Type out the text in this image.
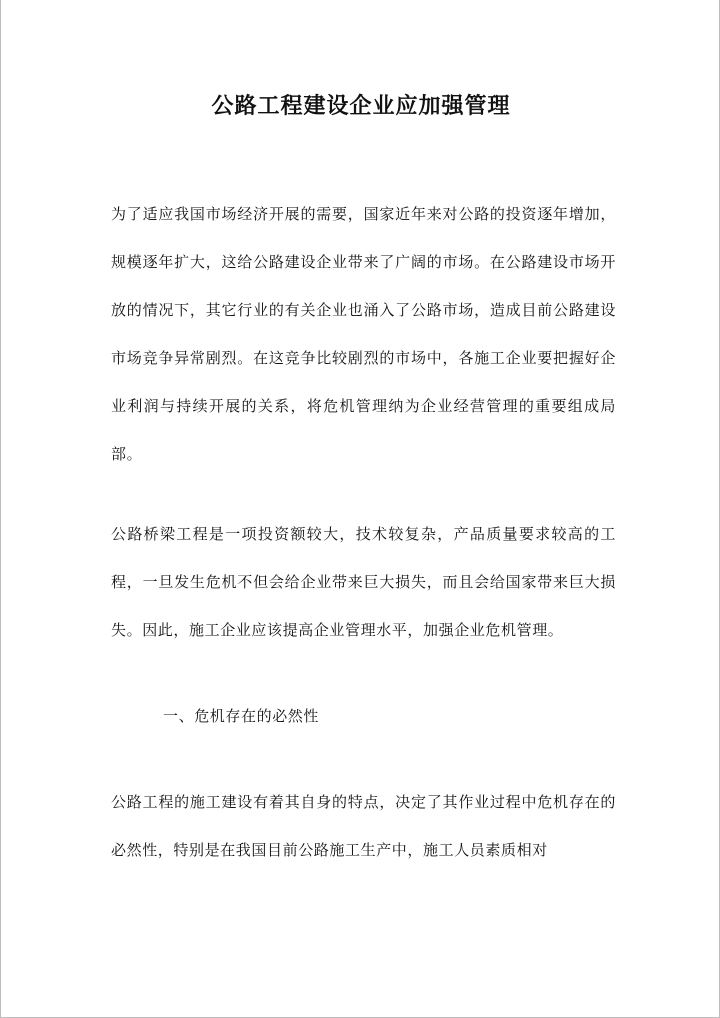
公路工程建设企业应加强管理

为了适应我国市场经济开展的需要，国家近年来对公路的投资逐年增加，规模逐年扩大，这给公路建设企业带来了广阔的市场。在公路建设市场开放的情况下，其它行业的有关企业也涌入了公路市场，造成目前公路建设市场竞争异常剧烈。在这竞争比较剧烈的市场中，各施工企业要把握好企业利润与持续开展的关系，将危机管理纳为企业经营管理的重要组成局部。

公路桥梁工程是一项投资额较大，技术较复杂，产品质量要求较高的工程，一旦发生危机不但会给企业带来巨大损失，而且会给国家带来巨大损失。因此，施工企业应该提高企业管理水平，加强企业危机管理。

一、危机存在的必然性

公路工程的施工建设有着其自身的特点，决定了其作业过程中危机存在的必然性，特别是在我国目前公路施工生产中，施工人员素质相对
